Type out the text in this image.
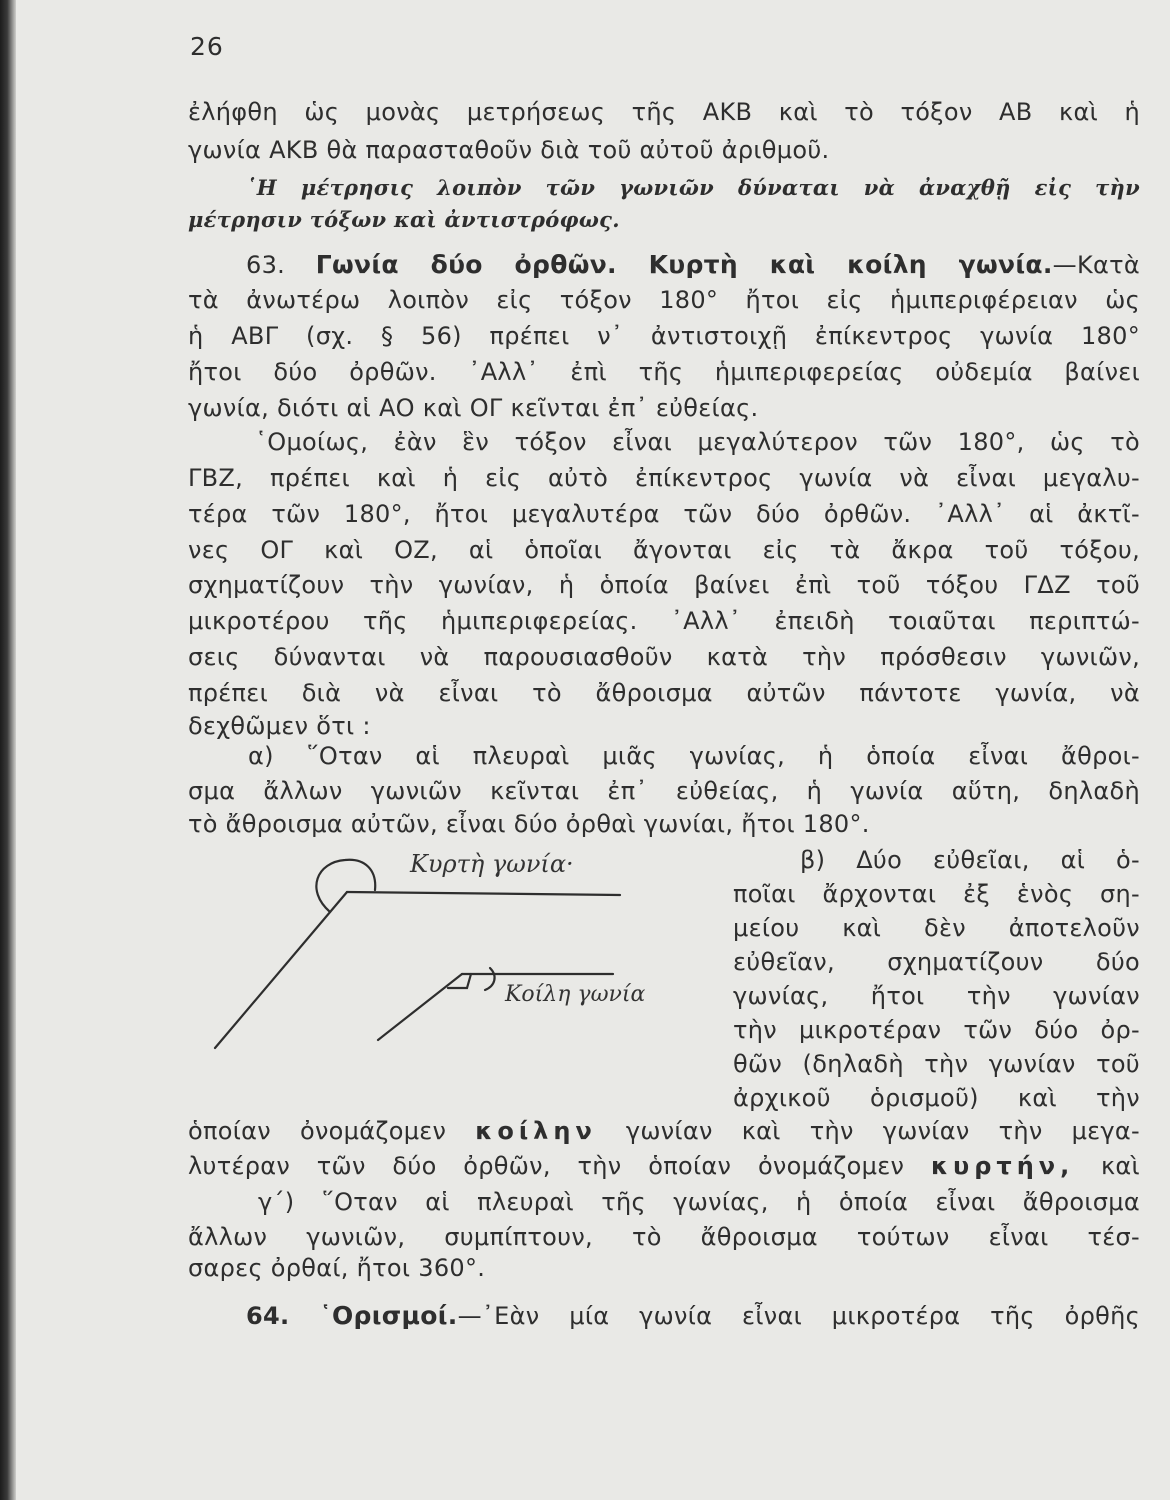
26
ἐλήφθη ὡς μονὰς μετρήσεως τῆς ΑΚΒ καὶ τὸ τόξον ΑΒ καὶ ἡ
γωνία ΑΚΒ θὰ παρασταθοῦν διὰ τοῦ αὐτοῦ ἀριθμοῦ.
῾Η μέτρησις λοιπὸν τῶν γωνιῶν δύναται νὰ ἀναχθῇ εἰς τὴν
μέτρησιν τόξων καὶ ἀντιστρόφως.
63. Γωνία δύο ὀρθῶν. Κυρτὴ καὶ κοίλη γωνία.—Κατὰ
τὰ ἀνωτέρω λοιπὸν εἰς τόξον 180° ἤτοι εἰς ἡμιπεριφέρειαν ὡς
ἡ ΑΒΓ (σχ. § 56) πρέπει ν᾽ ἀντιστοιχῇ ἐπίκεντρος γωνία 180°
ἤτοι δύο ὀρθῶν. ᾽Αλλ᾽ ἐπὶ τῆς ἡμιπεριφερείας οὐδεμία βαίνει
γωνία, διότι αἱ ΑΟ καὶ ΟΓ κεῖνται ἐπ᾽ εὐθείας.
῾Ομοίως, ἐὰν ἓν τόξον εἶναι μεγαλύτερον τῶν 180°, ὡς τὸ
ΓΒΖ, πρέπει καὶ ἡ εἰς αὐτὸ ἐπίκεντρος γωνία νὰ εἶναι μεγαλυ-
τέρα τῶν 180°, ἤτοι μεγαλυτέρα τῶν δύο ὀρθῶν. ᾽Αλλ᾽ αἱ ἀκτῖ-
νες ΟΓ καὶ ΟΖ, αἱ ὁποῖαι ἄγονται εἰς τὰ ἄκρα τοῦ τόξου,
σχηματίζουν τὴν γωνίαν, ἡ ὁποία βαίνει ἐπὶ τοῦ τόξου ΓΔΖ τοῦ
μικροτέρου τῆς ἡμιπεριφερείας. ᾽Αλλ᾽ ἐπειδὴ τοιαῦται περιπτώ-
σεις δύνανται νὰ παρουσιασθοῦν κατὰ τὴν πρόσθεσιν γωνιῶν,
πρέπει διὰ νὰ εἶναι τὸ ἄθροισμα αὐτῶν πάντοτε γωνία, νὰ
δεχθῶμεν ὅτι :
α) ῞Οταν αἱ πλευραὶ μιᾶς γωνίας, ἡ ὁποία εἶναι ἄθροι-
σμα ἄλλων γωνιῶν κεῖνται ἐπ᾽ εὐθείας, ἡ γωνία αὕτη, δηλαδὴ
τὸ ἄθροισμα αὐτῶν, εἶναι δύο ὀρθαὶ γωνίαι, ἤτοι 180°.
β) Δύο εὐθεῖαι, αἱ ὁ-
ποῖαι ἄρχονται ἐξ ἑνὸς ση-
μείου καὶ δὲν ἀποτελοῦν
εὐθεῖαν, σχηματίζουν δύο
γωνίας, ἤτοι τὴν γωνίαν
τὴν μικροτέραν τῶν δύο ὀρ-
θῶν (δηλαδὴ τὴν γωνίαν τοῦ
ἀρχικοῦ ὁρισμοῦ) καὶ τὴν
Κυρτὴ γωνία·
Κοίλη γωνία
ὁποίαν ὀνομάζομεν κοίλην γωνίαν καὶ τὴν γωνίαν τὴν μεγα-
λυτέραν τῶν δύο ὀρθῶν, τὴν ὁποίαν ὀνομάζομεν κυρτήν, καὶ
γ΄) ῞Οταν αἱ πλευραὶ τῆς γωνίας, ἡ ὁποία εἶναι ἄθροισμα
ἄλλων γωνιῶν, συμπίπτουν, τὸ ἄθροισμα τούτων εἶναι τέσ-
σαρες ὀρθαί, ἤτοι 360°.
64. ῾Ορισμοί.—᾽Εὰν μία γωνία εἶναι μικροτέρα τῆς ὀρθῆς
